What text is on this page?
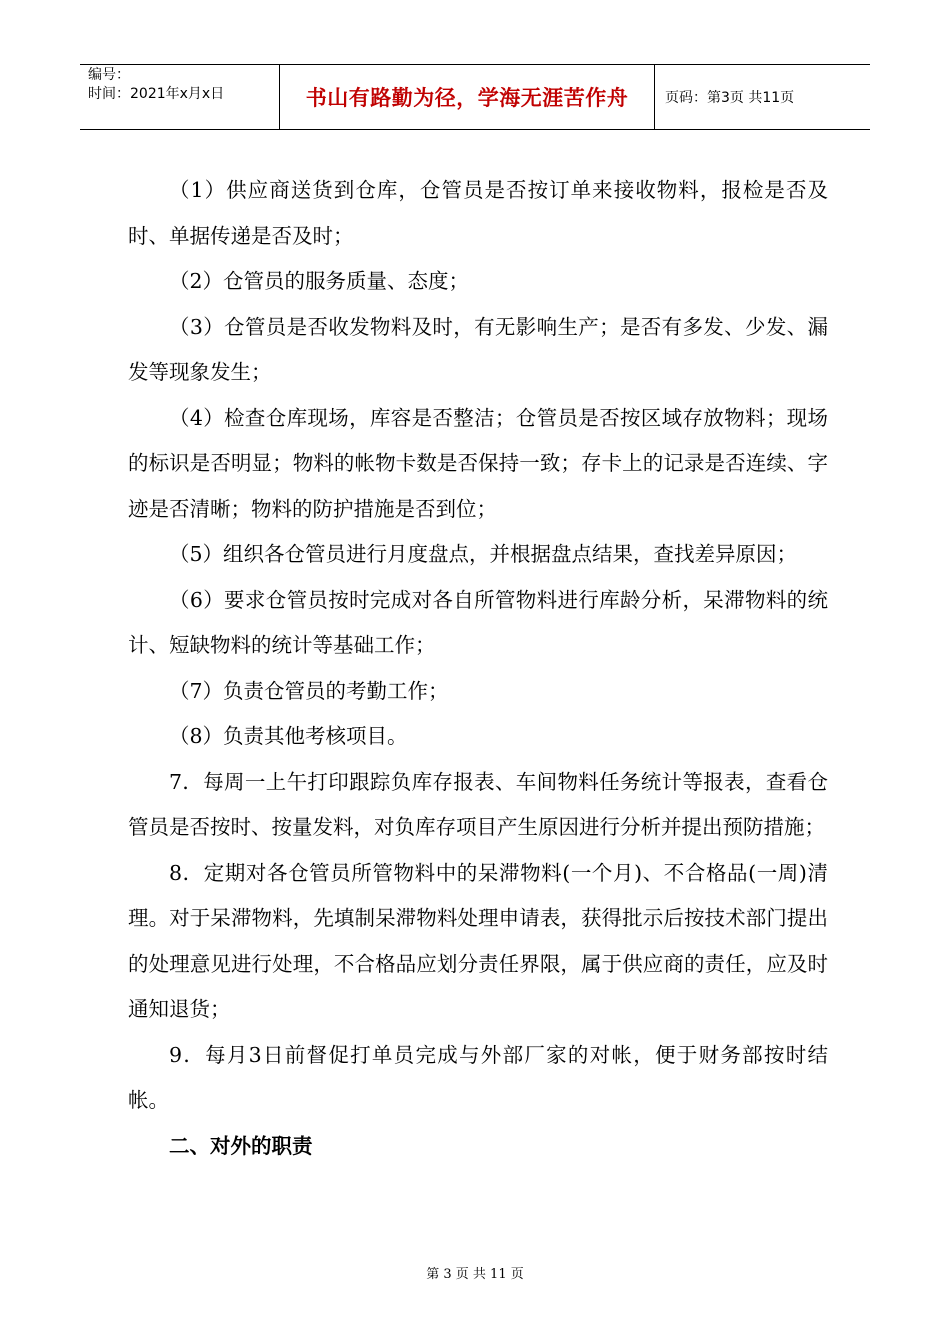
编号：
时间：2021年x月x日	书山有路勤为径，学海无涯苦作舟	页码：第3页 共11页

（1）供应商送货到仓库，仓管员是否按订单来接收物料，报检是否及时、单据传递是否及时；

（2）仓管员的服务质量、态度；

（3）仓管员是否收发物料及时，有无影响生产；是否有多发、少发、漏发等现象发生；

（4）检查仓库现场，库容是否整洁；仓管员是否按区域存放物料；现场的标识是否明显；物料的帐物卡数是否保持一致；存卡上的记录是否连续、字迹是否清晰；物料的防护措施是否到位；

（5）组织各仓管员进行月度盘点，并根据盘点结果，查找差异原因；

（6）要求仓管员按时完成对各自所管物料进行库龄分析，呆滞物料的统计、短缺物料的统计等基础工作；

（7）负责仓管员的考勤工作；

（8）负责其他考核项目。

7．每周一上午打印跟踪负库存报表、车间物料任务统计等报表，查看仓管员是否按时、按量发料，对负库存项目产生原因进行分析并提出预防措施；

8．定期对各仓管员所管物料中的呆滞物料(一个月)、不合格品(一周)清理。对于呆滞物料，先填制呆滞物料处理申请表，获得批示后按技术部门提出的处理意见进行处理，不合格品应划分责任界限，属于供应商的责任，应及时通知退货；

9．每月3日前督促打单员完成与外部厂家的对帐，便于财务部按时结帐。

二、对外的职责

第 3 页 共 11 页
